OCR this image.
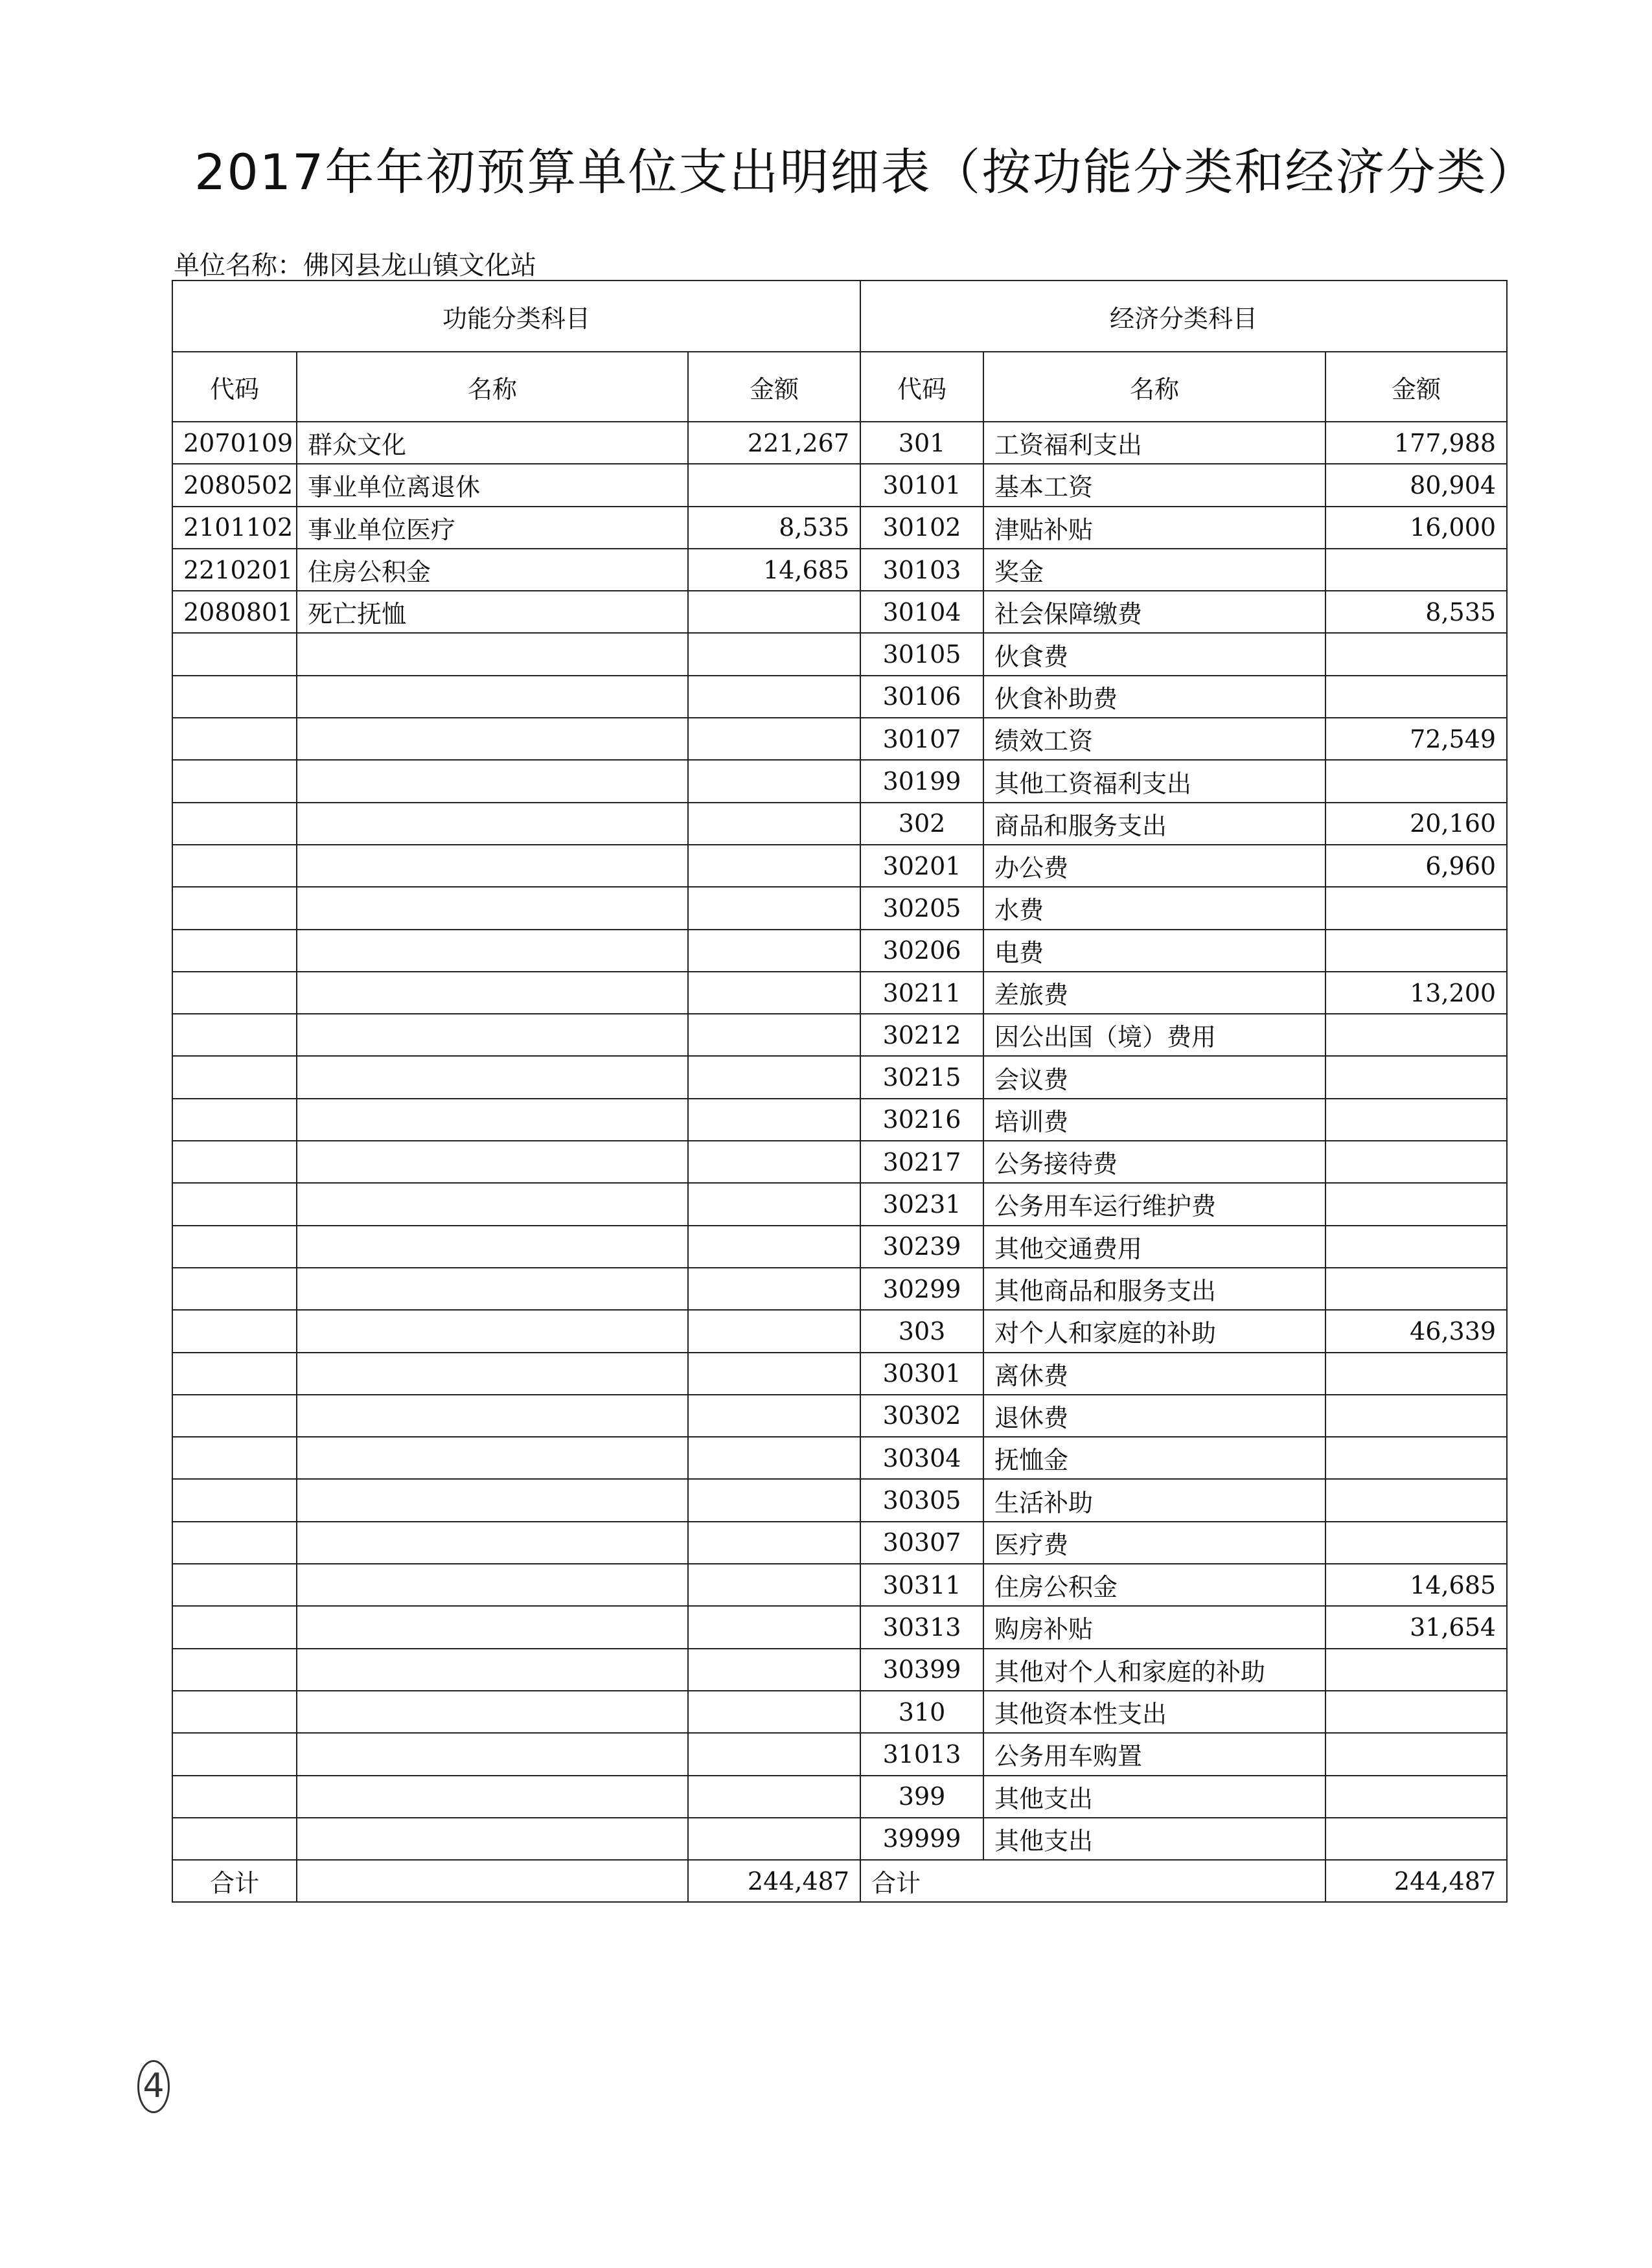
2017年年初预算单位支出明细表（按功能分类和经济分类）
单位名称：佛冈县龙山镇文化站
功能分类科目			经济分类科目		
代码	名称	金额	代码	名称	金额
2070109	群众文化	221,267	301	工资福利支出	177,988
2080502	事业单位离退休		30101	基本工资	80,904
2101102	事业单位医疗	8,535	30102	津贴补贴	16,000
2210201	住房公积金	14,685	30103	奖金	
2080801	死亡抚恤		30104	社会保障缴费	8,535
			30105	伙食费	
			30106	伙食补助费	
			30107	绩效工资	72,549
			30199	其他工资福利支出	
			302	商品和服务支出	20,160
			30201	办公费	6,960
			30205	水费	
			30206	电费	
			30211	差旅费	13,200
			30212	因公出国（境）费用	
			30215	会议费	
			30216	培训费	
			30217	公务接待费	
			30231	公务用车运行维护费	
			30239	其他交通费用	
			30299	其他商品和服务支出	
			303	对个人和家庭的补助	46,339
			30301	离休费	
			30302	退休费	
			30304	抚恤金	
			30305	生活补助	
			30307	医疗费	
			30311	住房公积金	14,685
			30313	购房补贴	31,654
			30399	其他对个人和家庭的补助	
			310	其他资本性支出	
			31013	公务用车购置	
			399	其他支出	
			39999	其他支出	
合计		244,487	合计		244,487
4
